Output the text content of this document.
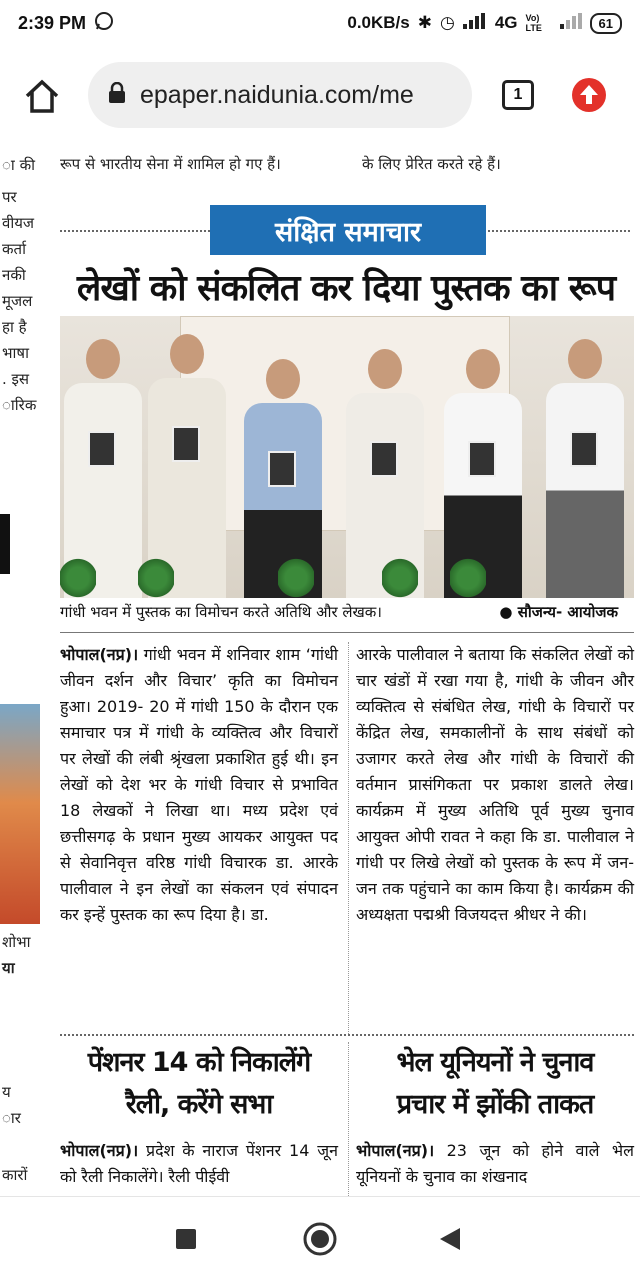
2:39 PM	0.0KB/s ✱ ◷ 4G Vo) LTE	61
epaper.naidunia.com/mе	1
ा की
पर
वीयज
कर्ता
नकी
मूजल
हा है
भाषा
. इस
ारिक
शोभा
या
य
ार
कारों
रूप से भारतीय सेना में शामिल हो गए हैं।	के लिए प्रेरित करते रहे हैं।
संक्षित समाचार
लेखों को संकलित कर दिया पुस्तक का रूप
गांधी भवन में पुस्तक का विमोचन करते अतिथि और लेखक।	● सौजन्य- आयोजक
भोपाल(नप्र)। गांधी भवन में शनिवार शाम ‘गांधी जीवन दर्शन और विचार’ कृति का विमोचन हुआ। 2019- 20 में गांधी 150 के दौरान एक समाचार पत्र में गांधी के व्यक्तित्व और विचारों पर लेखों की लंबी श्रृंखला प्रकाशित हुई थी। इन लेखों को देश भर के गांधी विचार से प्रभावित 18 लेखकों ने लिखा था। मध्य प्रदेश एवं छत्तीसगढ़ के प्रधान मुख्य आयकर आयुक्त पद से सेवानिवृत्त वरिष्ठ गांधी विचारक डा. आरके पालीवाल ने इन लेखों का संकलन एवं संपादन कर इन्हें पुस्तक का रूप दिया है। डा.
आरके पालीवाल ने बताया कि संकलित लेखों को चार खंडों में रखा गया है, गांधी के जीवन और व्यक्तित्व से संबंधित लेख, गांधी के विचारों पर केंद्रित लेख, समकालीनों के साथ संबंधों को उजागर करते लेख और गांधी के विचारों की वर्तमान प्रासंगिकता पर प्रकाश डालते लेख। कार्यक्रम में मुख्य अतिथि पूर्व मुख्य चुनाव आयुक्त ओपी रावत ने कहा कि डा. पालीवाल ने गांधी पर लिखे लेखों को पुस्तक के रूप में जन-जन तक पहुंचाने का काम किया है। कार्यक्रम की अध्यक्षता पद्मश्री विजयदत्त श्रीधर ने की।
पेंशनर 14 को निकालेंगे
रैली, करेंगे सभा
भोपाल(नप्र)। प्रदेश के नाराज पेंशनर 14 जून को रैली निकालेंगे। रैली पीईवी
भेल यूनियनों ने चुनाव
प्रचार में झोंकी ताकत
भोपाल(नप्र)। 23 जून को होने वाले भेल यूनियनों के चुनाव का शंखनाद
